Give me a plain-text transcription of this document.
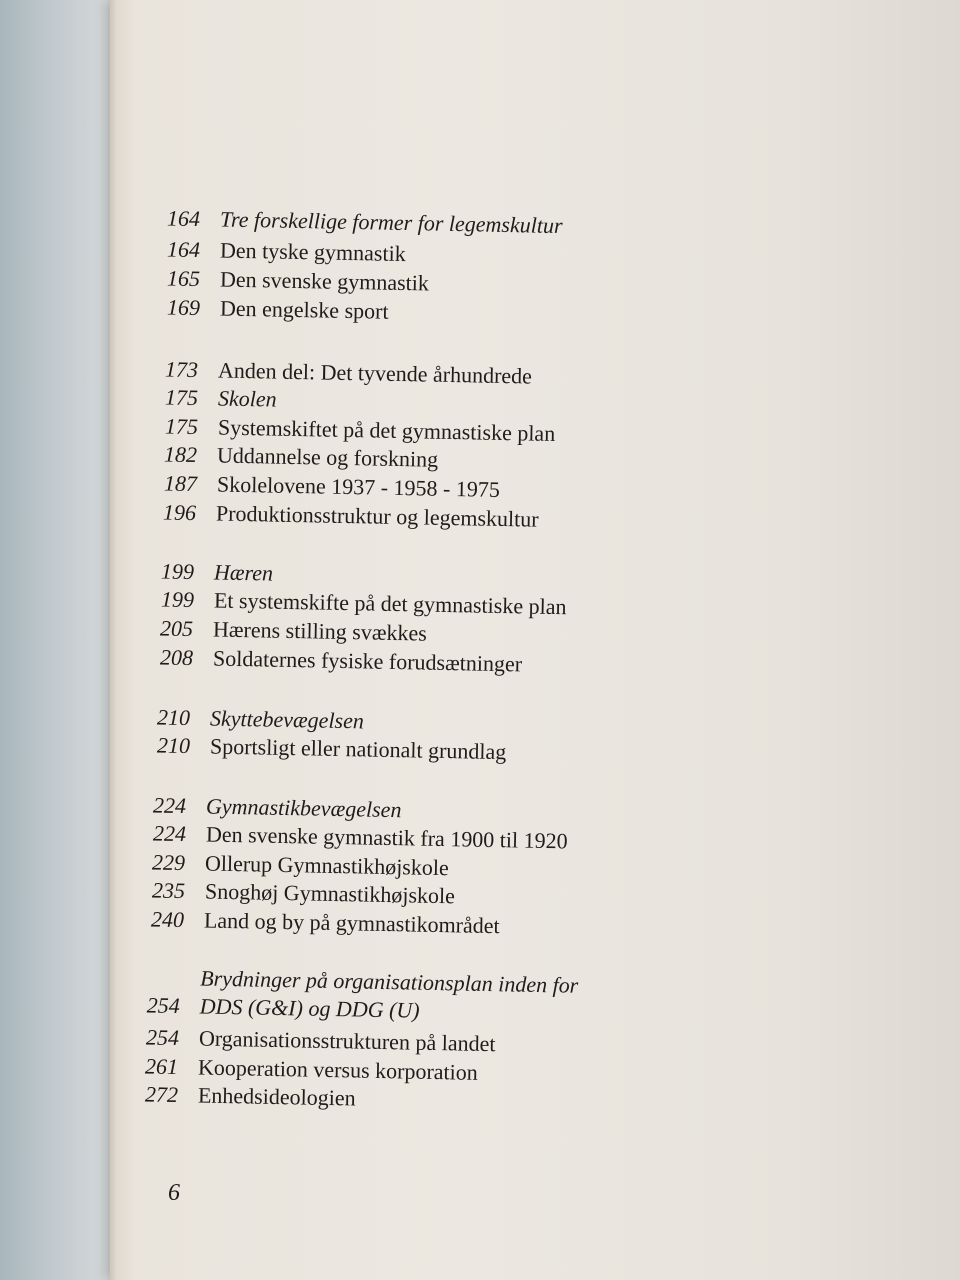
164 Tre forskellige former for legemskultur
164 Den tyske gymnastik
165 Den svenske gymnastik
169 Den engelske sport
173 Anden del: Det tyvende århundrede
175 Skolen
175 Systemskiftet på det gymnastiske plan
182 Uddannelse og forskning
187 Skolelovene 1937 - 1958 - 1975
196 Produktionsstruktur og legemskultur
199 Hæren
199 Et systemskifte på det gymnastiske plan
205 Hærens stilling svækkes
208 Soldaternes fysiske forudsætninger
210 Skyttebevægelsen
210 Sportsligt eller nationalt grundlag
224 Gymnastikbevægelsen
224 Den svenske gymnastik fra 1900 til 1920
229 Ollerup Gymnastikhøjskole
235 Snoghøj Gymnastikhøjskole
240 Land og by på gymnastikområdet
254Brydninger på organisationsplan inden for
DDS (G&I) og DDG (U)
254 Organisationsstrukturen på landet
261 Kooperation versus korporation
272 Enhedsideologien
6
